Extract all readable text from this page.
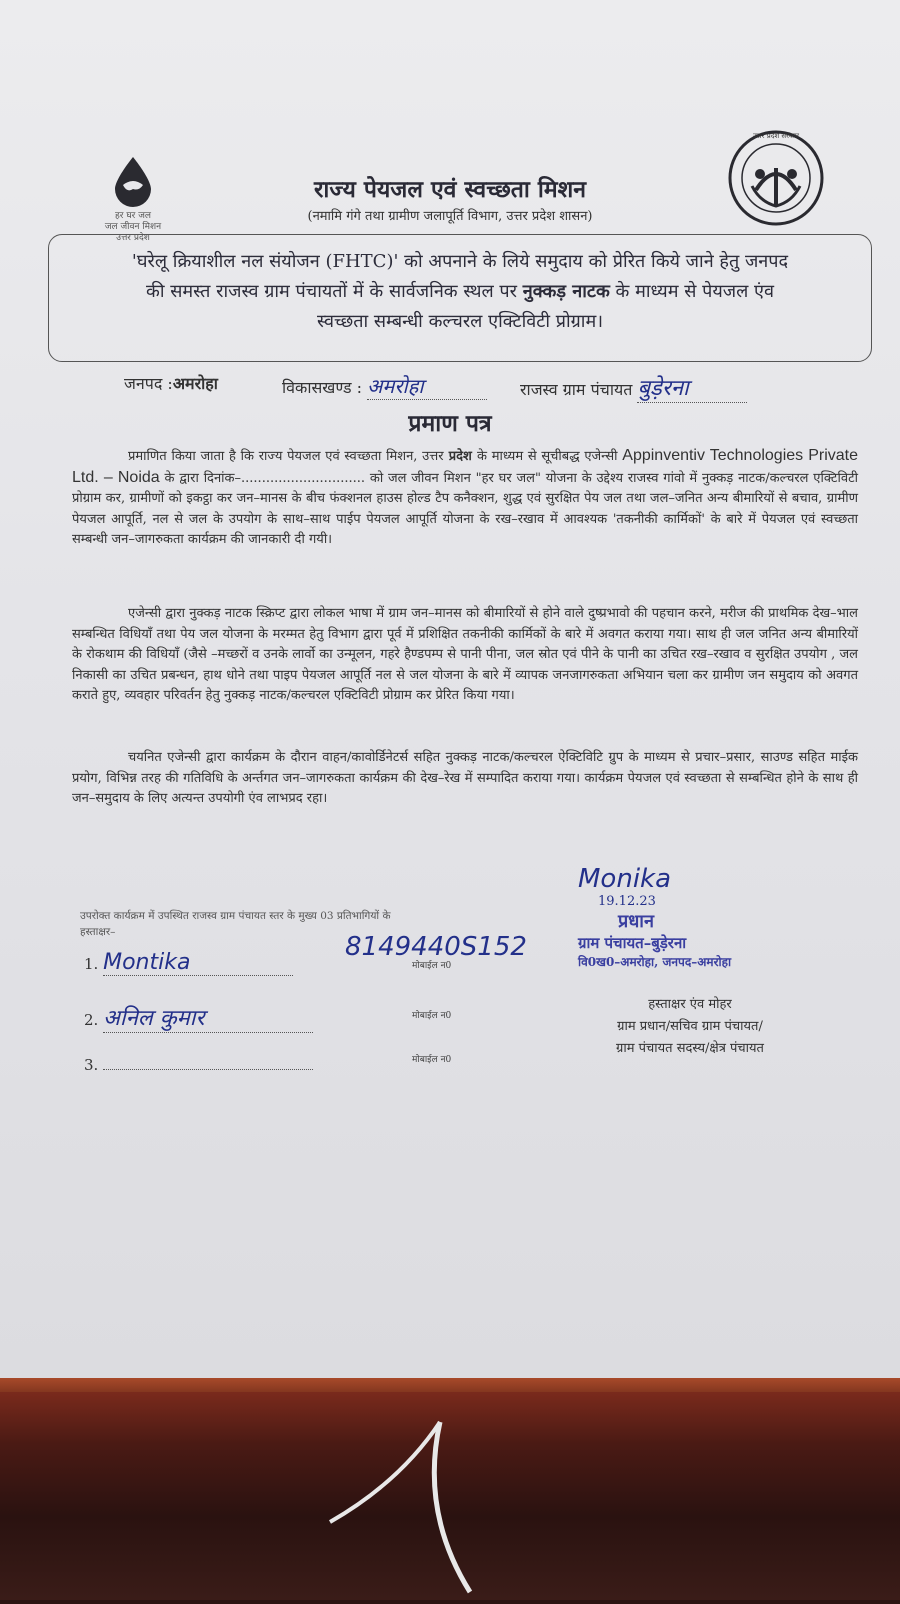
हर घर जल
जल जीवन मिशन
उत्तर प्रदेश
उत्तर प्रदेश सरकार
राज्य पेयजल एवं स्वच्छता मिशन
(नमामि गंगे तथा ग्रामीण जलापूर्ति विभाग, उत्तर प्रदेश शासन)
'घरेलू क्रियाशील नल संयोजन (FHTC)' को अपनाने के लिये समुदाय को प्रेरित किये जाने हेतु जनपद
की समस्त राजस्व ग्राम पंचायतों में के सार्वजनिक स्थल पर नुक्कड़ नाटक के माध्यम से पेयजल एंव
स्वच्छता सम्बन्धी कल्चरल एक्टिविटी प्रोग्राम।
जनपद :अमरोहा	विकासखण्ड : अमरोहा	राजस्व ग्राम पंचायत बुड़ेरना
प्रमाण पत्र
प्रमाणित किया जाता है कि राज्य पेयजल एवं स्वच्छता मिशन, उत्तर प्रदेश के माध्यम से सूचीबद्ध एजेन्सी Appinventiv Technologies Private Ltd. – Noida के द्वारा दिनांक–.............................. को जल जीवन मिशन "हर घर जल" योजना के उद्देश्य राजस्व गांवो में नुक्कड़ नाटक/कल्चरल एक्टिविटी प्रोग्राम कर, ग्रामीणों को इकट्ठा कर जन–मानस के बीच फंक्शनल हाउस होल्ड टैप कनैक्शन, शुद्ध एवं सुरक्षित पेय जल तथा जल–जनित अन्य बीमारियों से बचाव, ग्रामीण पेयजल आपूर्ति, नल से जल के उपयोग के साथ–साथ पाईप पेयजल आपूर्ति योजना के रख–रखाव में आवश्यक 'तकनीकी कार्मिकों' के बारे में पेयजल एवं स्वच्छता सम्बन्धी जन–जागरुकता कार्यक्रम की जानकारी दी गयी।
एजेन्सी द्वारा नुक्कड़ नाटक स्क्रिप्ट द्वारा लोकल भाषा में ग्राम जन–मानस को बीमारियों से होने वाले दुष्प्रभावो की पहचान करने, मरीज की प्राथमिक देख–भाल सम्बन्धित विधियाँ तथा पेय जल योजना के मरम्मत हेतु विभाग द्वारा पूर्व में प्रशिक्षित तकनीकी कार्मिकों के बारे में अवगत कराया गया। साथ ही जल जनित अन्य बीमारियों के रोकथाम की विधियाँ (जैसे –मच्छरों व उनके लार्वो का उन्मूलन, गहरे हैण्डपम्प से पानी पीना, जल स्रोत एवं पीने के पानी का उचित रख–रखाव व सुरक्षित उपयोग , जल निकासी का उचित प्रबन्धन, हाथ धोने तथा पाइप पेयजल आपूर्ति नल से जल योजना के बारे में व्यापक जनजागरुकता अभियान चला कर ग्रामीण जन समुदाय को अवगत कराते हुए, व्यवहार परिवर्तन हेतु नुक्कड़ नाटक/कल्चरल एक्टिविटी प्रोग्राम कर प्रेरित किया गया।
चयनित एजेन्सी द्वारा कार्यक्रम के दौरान वाहन/कावोर्डिनेटर्स सहित नुक्कड़ नाटक/कल्चरल ऐक्टिविटि ग्रुप के माध्यम से प्रचार–प्रसार, साउण्ड सहित माईक प्रयोग, विभिन्न तरह की गतिविधि के अर्न्तगत जन–जागरुकता कार्यक्रम की देख–रेख में सम्पादित कराया गया। कार्यक्रम पेयजल एवं स्वच्छता से सम्बन्धित होने के साथ ही जन–समुदाय के लिए अत्यन्त उपयोगी एंव लाभप्रद रहा।
Monika
19.12.23
प्रधान
ग्राम पंचायत–बुड़ेरना
वि0ख0–अमरोहा, जनपद–अमरोहा
उपरोक्त कार्यक्रम में उपस्थित राजस्व ग्राम पंचायत स्तर के मुख्य 03 प्रतिभागियों के
हस्ताक्षर–
1. Montika
8149440S152
मोबाईल न0
2. अनिल कुमार	मोबाईल न0
3.	मोबाईल न0
हस्ताक्षर एंव मोहर
ग्राम प्रधान/सचिव ग्राम पंचायत/
ग्राम पंचायत सदस्य/क्षेत्र पंचायत
